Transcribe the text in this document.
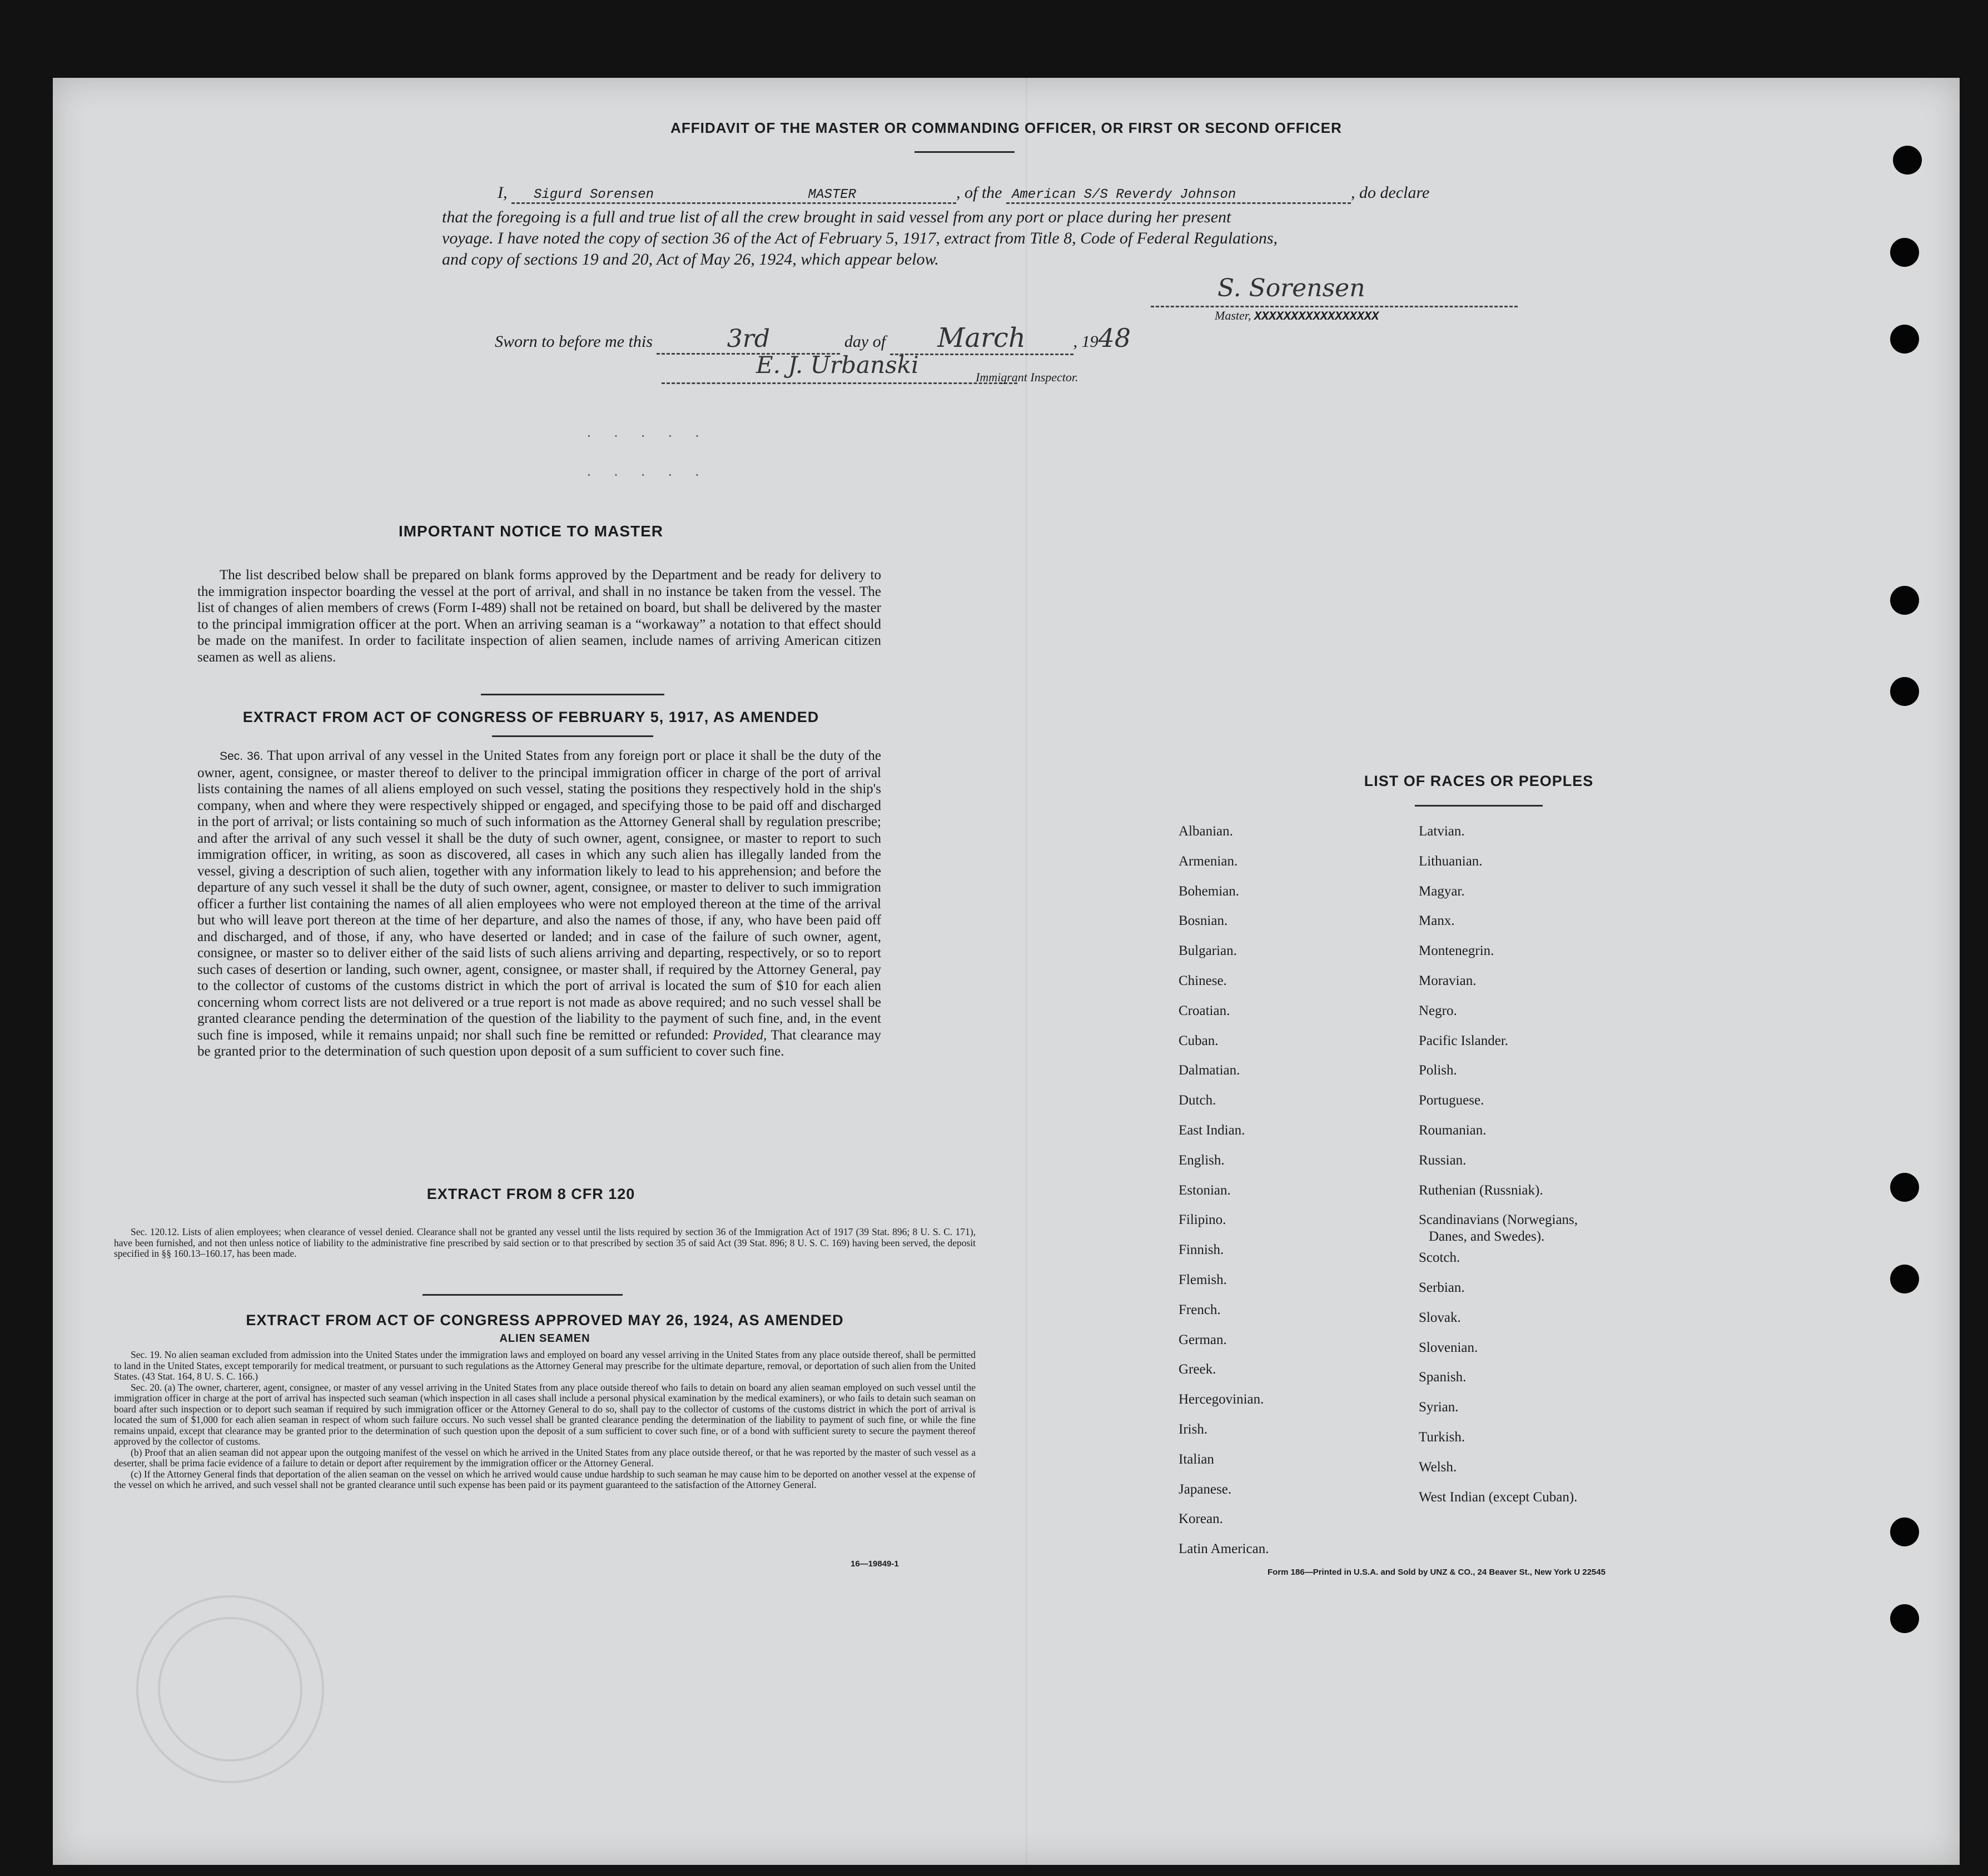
AFFIDAVIT OF THE MASTER OR COMMANDING OFFICER, OR FIRST OR SECOND OFFICER
I, Sigurd Sorensen	MASTER	, of the American S/S Reverdy Johnson	, do declare
that the foregoing is a full and true list of all the crew brought in said vessel from any port or place during her present
voyage. I have noted the copy of section 36 of the Act of February 5, 1917, extract from Title 8, Code of Federal Regulations,
and copy of sections 19 and 20, Act of May 26, 1924, which appear below.
S. Sorensen
Master, XXXXXXXXXXXXXXXXX
Sworn to before me this	3rd	day of March	, 1948
E. J. Urbanski	Immigrant Inspector.
IMPORTANT NOTICE TO MASTER
The list described below shall be prepared on blank forms approved by the Department and be ready for delivery to the immigration inspector boarding the vessel at the port of arrival, and shall in no instance be taken from the vessel. The list of changes of alien members of crews (Form I-489) shall not be retained on board, but shall be delivered by the master to the principal immigration officer at the port. When an arriving seaman is a “workaway” a notation to that effect should be made on the manifest. In order to facilitate inspection of alien seamen, include names of arriving American citizen seamen as well as aliens.
EXTRACT FROM ACT OF CONGRESS OF FEBRUARY 5, 1917, AS AMENDED
Sec. 36. That upon arrival of any vessel in the United States from any foreign port or place it shall be the duty of the owner, agent, consignee, or master thereof to deliver to the principal immigration officer in charge of the port of arrival lists containing the names of all aliens employed on such vessel, stating the positions they respectively hold in the ship's company, when and where they were respectively shipped or engaged, and specifying those to be paid off and discharged in the port of arrival; or lists containing so much of such information as the Attorney General shall by regulation prescribe; and after the arrival of any such vessel it shall be the duty of such owner, agent, consignee, or master to report to such immigration officer, in writing, as soon as discovered, all cases in which any such alien has illegally landed from the vessel, giving a description of such alien, together with any information likely to lead to his apprehension; and before the departure of any such vessel it shall be the duty of such owner, agent, consignee, or master to deliver to such immigration officer a further list containing the names of all alien employees who were not employed thereon at the time of the arrival but who will leave port thereon at the time of her departure, and also the names of those, if any, who have been paid off and discharged, and of those, if any, who have deserted or landed; and in case of the failure of such owner, agent, consignee, or master so to deliver either of the said lists of such aliens arriving and departing, respectively, or so to report such cases of desertion or landing, such owner, agent, consignee, or master shall, if required by the Attorney General, pay to the collector of customs of the customs district in which the port of arrival is located the sum of $10 for each alien concerning whom correct lists are not delivered or a true report is not made as above required; and no such vessel shall be granted clearance pending the determination of the question of the liability to the payment of such fine, and, in the event such fine is imposed, while it remains unpaid; nor shall such fine be remitted or refunded: Provided, That clearance may be granted prior to the determination of such question upon deposit of a sum sufficient to cover such fine.
EXTRACT FROM 8 CFR 120
Sec. 120.12. Lists of alien employees; when clearance of vessel denied. Clearance shall not be granted any vessel until the lists required by section 36 of the Immigration Act of 1917 (39 Stat. 896; 8 U. S. C. 171), have been furnished, and not then unless notice of liability to the administrative fine prescribed by said section or to that prescribed by section 35 of said Act (39 Stat. 896; 8 U. S. C. 169) having been served, the deposit specified in §§ 160.13–160.17, has been made.
EXTRACT FROM ACT OF CONGRESS APPROVED MAY 26, 1924, AS AMENDED
ALIEN SEAMEN
Sec. 19. No alien seaman excluded from admission into the United States under the immigration laws and employed on board any vessel arriving in the United States from any place outside thereof, shall be permitted to land in the United States, except temporarily for medical treatment, or pursuant to such regulations as the Attorney General may prescribe for the ultimate departure, removal, or deportation of such alien from the United States. (43 Stat. 164, 8 U. S. C. 166.)
Sec. 20. (a) The owner, charterer, agent, consignee, or master of any vessel arriving in the United States from any place outside thereof who fails to detain on board any alien seaman employed on such vessel until the immigration officer in charge at the port of arrival has inspected such seaman (which inspection in all cases shall include a personal physical examination by the medical examiners), or who fails to detain such seaman on board after such inspection or to deport such seaman if required by such immigration officer or the Attorney General to do so, shall pay to the collector of customs of the customs district in which the port of arrival is located the sum of $1,000 for each alien seaman in respect of whom such failure occurs. No such vessel shall be granted clearance pending the determination of the liability to payment of such fine, or while the fine remains unpaid, except that clearance may be granted prior to the determination of such question upon the deposit of a sum sufficient to cover such fine, or of a bond with sufficient surety to secure the payment thereof approved by the collector of customs.
(b) Proof that an alien seaman did not appear upon the outgoing manifest of the vessel on which he arrived in the United States from any place outside thereof, or that he was reported by the master of such vessel as a deserter, shall be prima facie evidence of a failure to detain or deport after requirement by the immigration officer or the Attorney General.
(c) If the Attorney General finds that deportation of the alien seaman on the vessel on which he arrived would cause undue hardship to such seaman he may cause him to be deported on another vessel at the expense of the vessel on which he arrived, and such vessel shall not be granted clearance until such expense has been paid or its payment guaranteed to the satisfaction of the Attorney General.
16—19849-1
LIST OF RACES OR PEOPLES
Form 186—Printed in U.S.A. and Sold by UNZ & CO., 24 Beaver St., New York U 22545
·····
·····
Albanian.
Armenian.
Bohemian.
Bosnian.
Bulgarian.
Chinese.
Croatian.
Cuban.
Dalmatian.
Dutch.
East Indian.
English.
Estonian.
Filipino.
Finnish.
Flemish.
French.
German.
Greek.
Hercegovinian.
Irish.
Italian
Japanese.
Korean.
Latin American.
Latvian.
Lithuanian.
Magyar.
Manx.
Montenegrin.
Moravian.
Negro.
Pacific Islander.
Polish.
Portuguese.
Roumanian.
Russian.
Ruthenian (Russniak).
Scandinavians (Norwegians,
Danes, and Swedes).
Scotch.
Serbian.
Slovak.
Slovenian.
Spanish.
Syrian.
Turkish.
Welsh.
West Indian (except Cuban).
